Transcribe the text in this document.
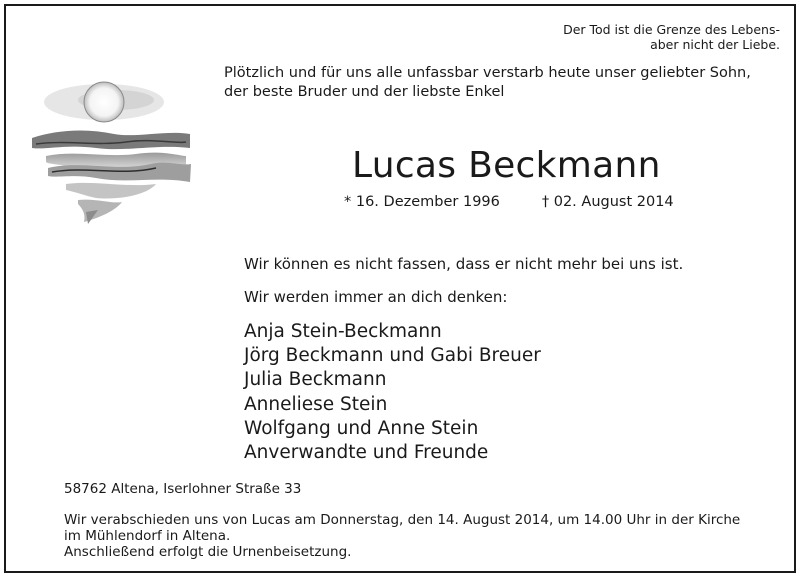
Der Tod ist die Grenze des Lebens-
aber nicht der Liebe.
Plötzlich und für uns alle unfassbar verstarb heute unser geliebter Sohn,
der beste Bruder und der liebste Enkel
Lucas Beckmann
* 16. Dezember 1996	† 02. August 2014
Wir können es nicht fassen, dass er nicht mehr bei uns ist.
Wir werden immer an dich denken:
Anja Stein-Beckmann
Jörg Beckmann und Gabi Breuer
Julia Beckmann
Anneliese Stein
Wolfgang und Anne Stein
Anverwandte und Freunde
58762 Altena, Iserlohner Straße 33
Wir verabschieden uns von Lucas am Donnerstag, den 14. August 2014, um 14.00 Uhr in der Kirche
im Mühlendorf in Altena.
Anschließend erfolgt die Urnenbeisetzung.
